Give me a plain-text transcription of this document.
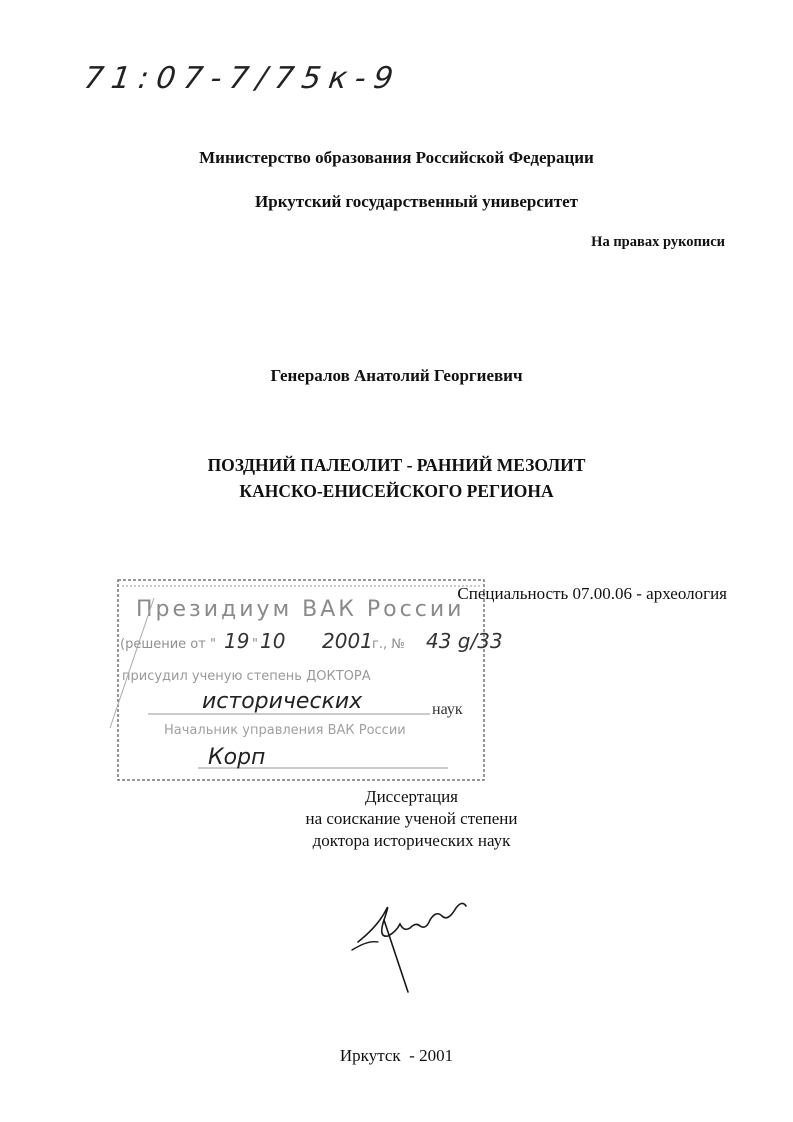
71:07-7/75к-9
Министерство образования Российской Федерации
Иркутский государственный университет
На правах рукописи
Генералов Анатолий Георгиевич
ПОЗДНИЙ ПАЛЕОЛИТ - РАННИЙ МЕЗОЛИТ
КАНСКО-ЕНИСЕЙСКОГО РЕГИОНА
Президиум ВАК России
(решение от " 19 " 10 2001 г., № 43 g/33
присудил ученую степень ДОКТОРА
исторических	наук
Начальник управления ВАК России
Корп
Специальность 07.00.06 - археология
Диссертация
на соискание ученой степени
доктора исторических наук
Иркутск  - 2001
